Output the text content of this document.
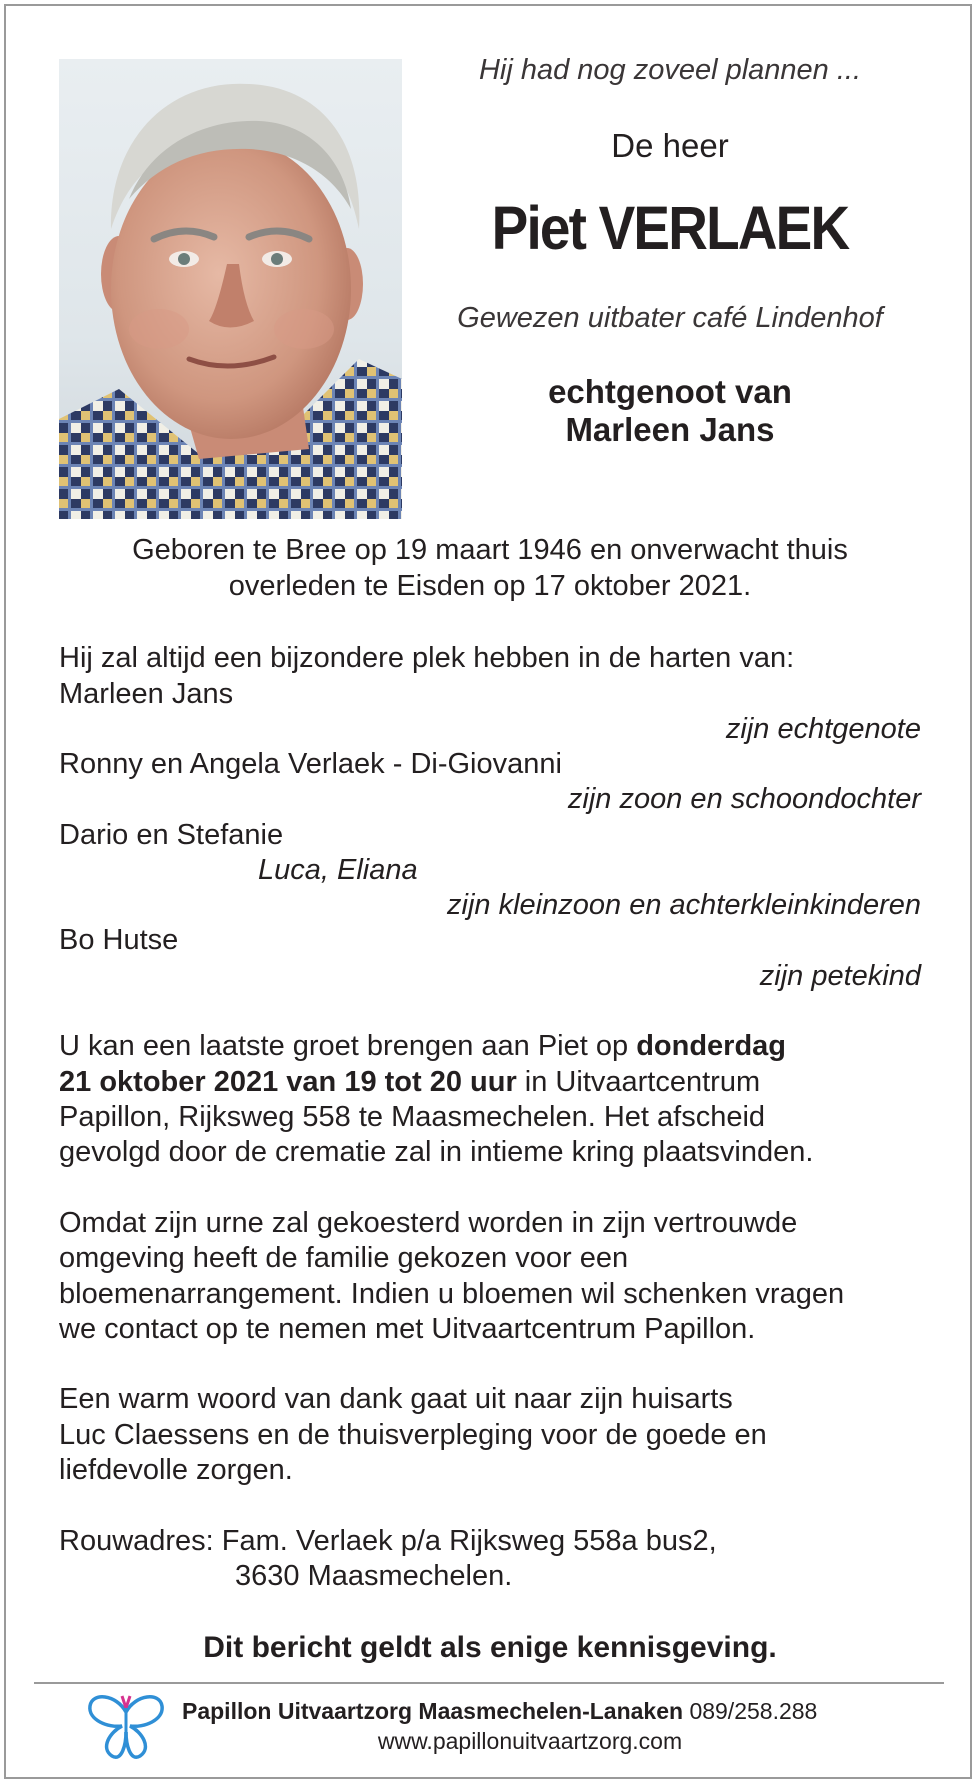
Hij had nog zoveel plannen ...
De heer
Piet VERLAEK
Gewezen uitbater café Lindenhof
echtgenoot van
Marleen Jans
Geboren te Bree op 19 maart 1946 en onverwacht thuis
overleden te Eisden op 17 oktober 2021.
Hij zal altijd een bijzondere plek hebben in de harten van:
Marleen Jans
zijn echtgenote
Ronny en Angela Verlaek - Di-Giovanni
zijn zoon en schoondochter
Dario en Stefanie
Luca, Eliana
zijn kleinzoon en achterkleinkinderen
Bo Hutse
zijn petekind
U kan een laatste groet brengen aan Piet op donderdag
21 oktober 2021 van 19 tot 20 uur in Uitvaartcentrum
Papillon, Rijksweg 558 te Maasmechelen. Het afscheid
gevolgd door de crematie zal in intieme kring plaatsvinden.
Omdat zijn urne zal gekoesterd worden in zijn vertrouwde
omgeving heeft de familie gekozen voor een
bloemenarrangement. Indien u bloemen wil schenken vragen
we contact op te nemen met Uitvaartcentrum Papillon.
Een warm woord van dank gaat uit naar zijn huisarts
Luc Claessens en de thuisverpleging voor de goede en
liefdevolle zorgen.
Rouwadres: Fam. Verlaek p/a Rijksweg 558a bus2,
3630 Maasmechelen.
Dit bericht geldt als enige kennisgeving.
Papillon Uitvaartzorg Maasmechelen-Lanaken 089/258.288
www.papillonuitvaartzorg.com
